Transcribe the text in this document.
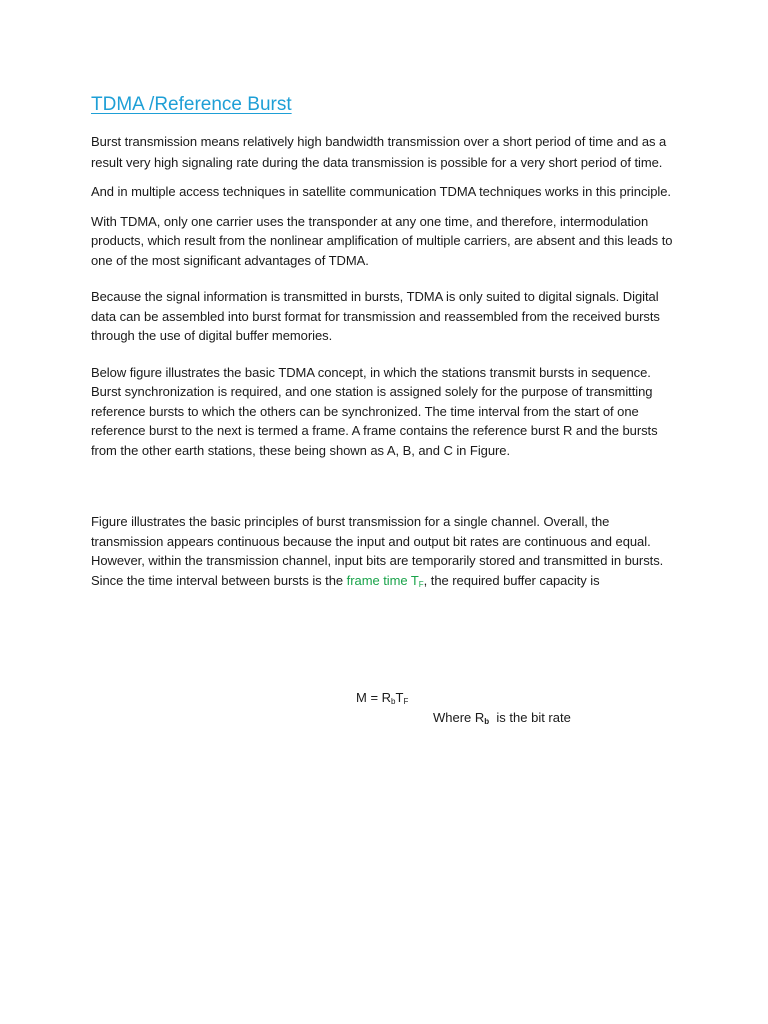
TDMA /Reference Burst

Burst transmission means relatively high bandwidth transmission over a short period of time and as a result very high signaling rate during the data transmission is possible for a very short period of time.

And in multiple access techniques in satellite communication TDMA techniques works in this principle.

With TDMA, only one carrier uses the transponder at any one time, and therefore, intermodulation products, which result from the nonlinear amplification of multiple carriers, are absent and this leads to one of the most significant advantages of TDMA.

Because the signal information is transmitted in bursts, TDMA is only suited to digital signals. Digital data can be assembled into burst format for transmission and reassembled from the received bursts through the use of digital buffer memories.

Below figure illustrates the basic TDMA concept, in which the stations transmit bursts in sequence. Burst synchronization is required, and one station is assigned solely for the purpose of transmitting reference bursts to which the others can be synchronized. The time interval from the start of one reference burst to the next is termed a frame. A frame contains the reference burst R and the bursts from the other earth stations, these being shown as A, B, and C in Figure.

Figure illustrates the basic principles of burst transmission for a single channel. Overall, the transmission appears continuous because the input and output bit rates are continuous and equal. However, within the transmission channel, input bits are temporarily stored and transmitted in bursts. Since the time interval between bursts is the frame time $T_F$, the required buffer capacity is

$M = R_bT_F$
Where $R_b$  is the bit rate
